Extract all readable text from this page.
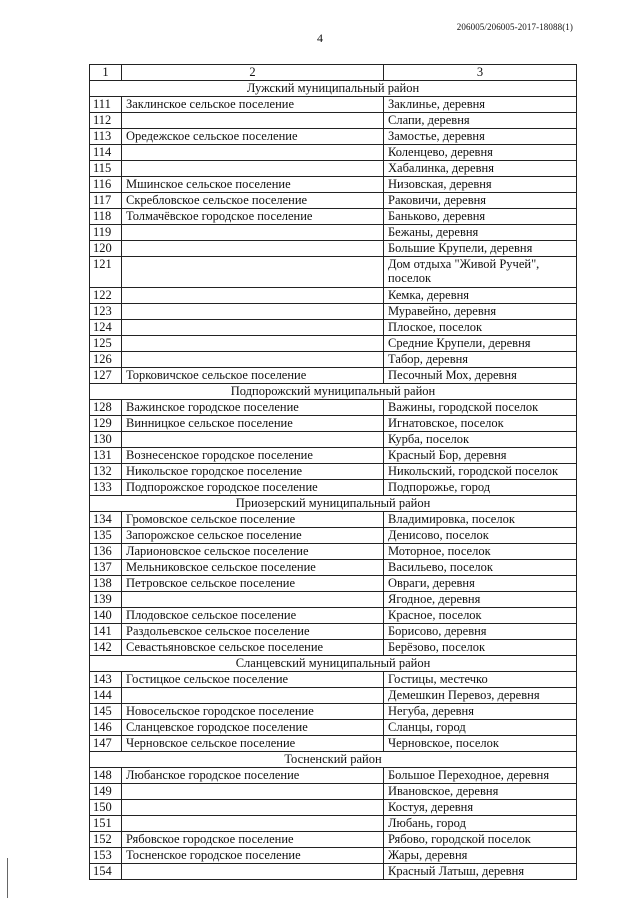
206005/206005-2017-18088(1)
4
1	2	3
Лужский муниципальный район		
111	Заклинское сельское поселение	Заклинье, деревня
112		Слапи, деревня
113	Оредежское сельское поселение	Замостье, деревня
114		Коленцево, деревня
115		Хабалинка, деревня
116	Мшинское сельское поселение	Низовская, деревня
117	Скребловское сельское поселение	Раковичи, деревня
118	Толмачёвское городское поселение	Баньково, деревня
119		Бежаны, деревня
120		Большие Крупели, деревня
121		Дом отдыха "Живой Ручей", поселок
122		Кемка, деревня
123		Муравейно, деревня
124		Плоское, поселок
125		Средние Крупели, деревня
126		Табор, деревня
127	Торковичское сельское поселение	Песочный Мох, деревня
Подпорожский муниципальный район		
128	Важинское городское поселение	Важины, городской поселок
129	Винницкое сельское поселение	Игнатовское, поселок
130		Курба, поселок
131	Вознесенское городское поселение	Красный Бор, деревня
132	Никольское городское поселение	Никольский, городской поселок
133	Подпорожское городское поселение	Подпорожье, город
Приозерский муниципальный район		
134	Громовское сельское поселение	Владимировка, поселок
135	Запорожское сельское поселение	Денисово, поселок
136	Ларионовское сельское поселение	Моторное, поселок
137	Мельниковское сельское поселение	Васильево, поселок
138	Петровское сельское поселение	Овраги, деревня
139		Ягодное, деревня
140	Плодовское сельское поселение	Красное, поселок
141	Раздольевское сельское поселение	Борисово, деревня
142	Севастьяновское сельское поселение	Берёзово, поселок
Сланцевский муниципальный район		
143	Гостицкое сельское поселение	Гостицы, местечко
144		Демешкин Перевоз, деревня
145	Новосельское городское поселение	Негуба, деревня
146	Сланцевское городское поселение	Сланцы, город
147	Черновское сельское поселение	Черновское, поселок
Тосненский район		
148	Любанское городское поселение	Большое Переходное, деревня
149		Ивановское, деревня
150		Костуя, деревня
151		Любань, город
152	Рябовское городское поселение	Рябово, городской поселок
153	Тосненское городское поселение	Жары, деревня
154		Красный Латыш, деревня
